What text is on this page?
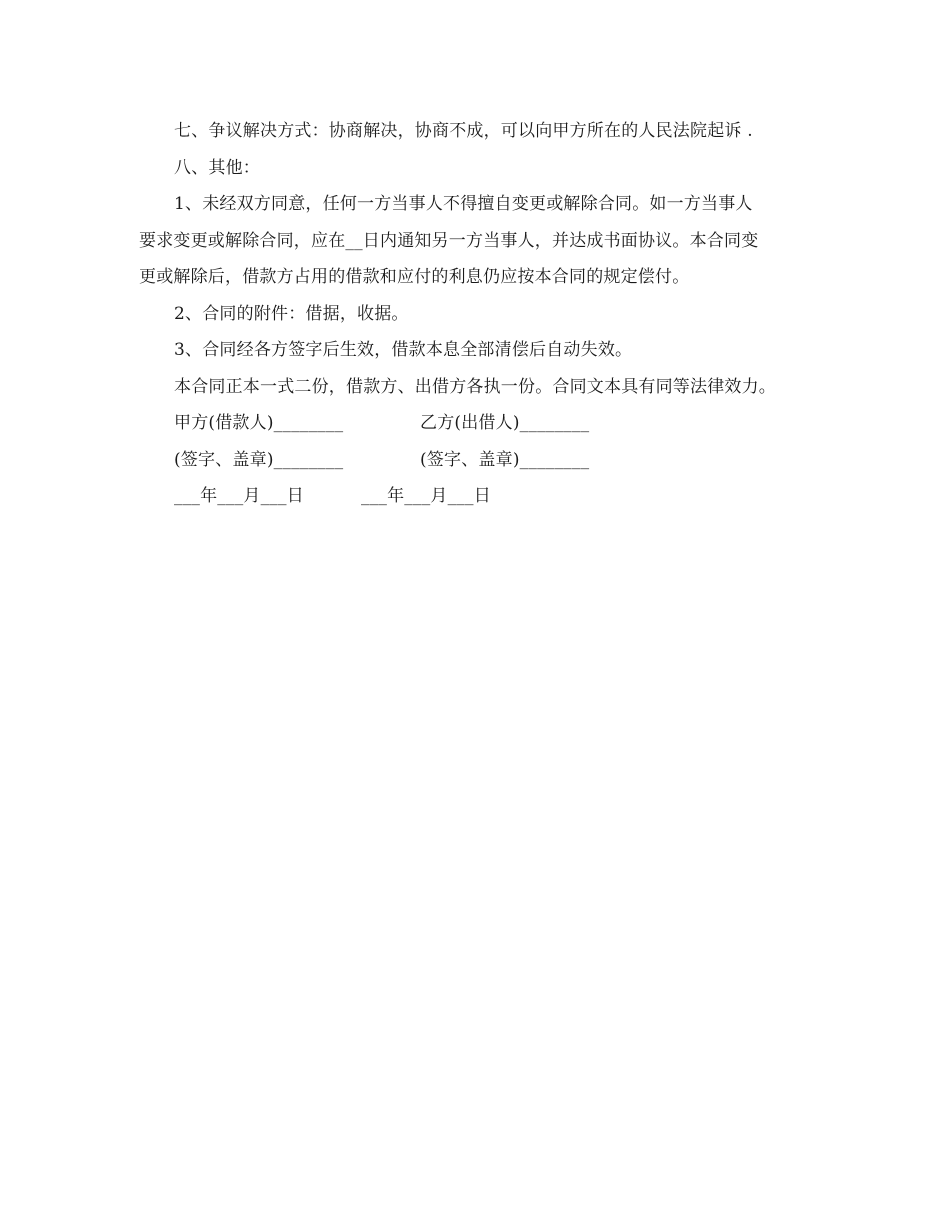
七、争议解决方式：协商解决，协商不成，可以向甲方所在的人民法院起诉 .
八、其他：
1、未经双方同意，任何一方当事人不得擅自变更或解除合同。如一方当事人
要求变更或解除合同，应在__日内通知另一方当事人，并达成书面协议。本合同变
更或解除后，借款方占用的借款和应付的利息仍应按本合同的规定偿付。
2、合同的附件：借据，收据。
3、合同经各方签字后生效，借款本息全部清偿后自动失效。
本合同正本一式二份，借款方、出借方各执一份。合同文本具有同等法律效力。
甲方(借款人)________	乙方(出借人)________
(签字、盖章)________	(签字、盖章)________
___年___月___日	___年___月___日
